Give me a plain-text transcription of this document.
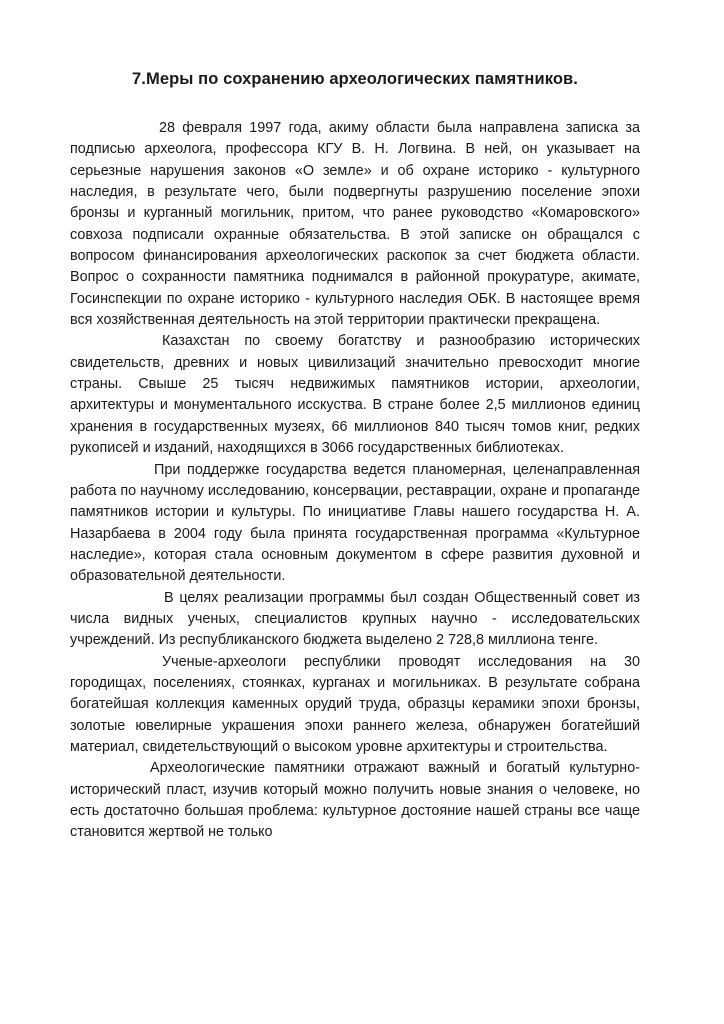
7.Меры по сохранению археологических памятников.

28 февраля 1997 года, акиму области была направлена записка за подписью археолога, профессора КГУ В. Н. Логвина. В ней, он указывает на серьезные нарушения законов «О земле» и об охране историко - культурного наследия, в результате чего, были подвергнуты разрушению поселение эпохи бронзы и курганный могильник, притом, что ранее руководство «Комаровского» совхоза подписали охранные обязательства. В этой записке он обращался с вопросом финансирования археологических раскопок за счет бюджета области. Вопрос о сохранности памятника поднимался в районной прокуратуре, акимате, Госинспекции по охране историко - культурного наследия ОБК. В настоящее время вся хозяйственная деятельность на этой территории практически прекращена.

Казахстан по своему богатству и разнообразию исторических свидетельств, древних и новых цивилизаций значительно превосходит многие страны. Свыше 25 тысяч недвижимых памятников истории, археологии, архитектуры и монументального исскуства. В стране более 2,5 миллионов единиц хранения в государственных музеях, 66 миллионов 840 тысяч томов книг, редких рукописей и изданий, находящихся в 3066 государственных библиотеках.

При поддержке государства ведется планомерная, целенаправленная работа по научному исследованию, консервации, реставрации, охране и пропаганде памятников истории и культуры. По инициативе Главы нашего государства Н. А. Назарбаева в 2004 году была принята государственная программа «Культурное наследие», которая стала основным документом в сфере развития духовной и образовательной деятельности.

В целях реализации программы был создан Общественный совет из числа видных ученых, специалистов крупных научно - исследовательских учреждений. Из республиканского бюджета выделено 2 728,8 миллиона тенге.

Ученые-археологи республики проводят исследования на 30 городищах, поселениях, стоянках, курганах и могильниках. В результате собрана богатейшая коллекция каменных орудий труда, образцы керамики эпохи бронзы, золотые ювелирные украшения эпохи раннего железа, обнаружен богатейший материал, свидетельствующий о высоком уровне архитектуры и строительства.

Археологические памятники отражают важный и богатый культурно-исторический пласт, изучив который можно получить новые знания о человеке, но есть достаточно большая проблема: культурное достояние нашей страны все чаще становится жертвой не только
